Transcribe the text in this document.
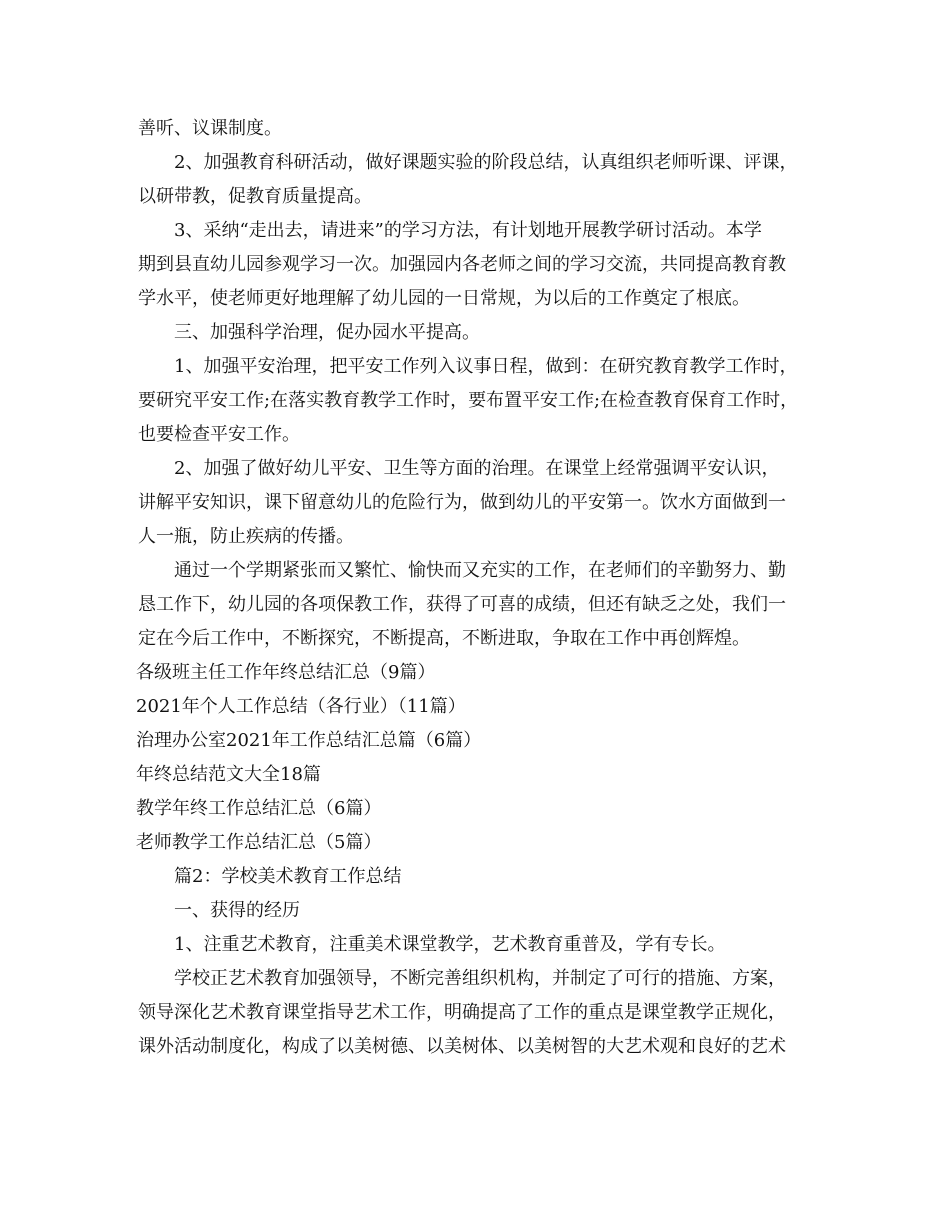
善听、议课制度。
2、加强教育科研活动，做好课题实验的阶段总结，认真组织老师听课、评课，
以研带教，促教育质量提高。
3、采纳“走出去，请进来”的学习方法，有计划地开展教学研讨活动。本学
期到县直幼儿园参观学习一次。加强园内各老师之间的学习交流，共同提高教育教
学水平，使老师更好地理解了幼儿园的一日常规，为以后的工作奠定了根底。
三、加强科学治理，促办园水平提高。
1、加强平安治理，把平安工作列入议事日程，做到：在研究教育教学工作时，
要研究平安工作;在落实教育教学工作时，要布置平安工作;在检查教育保育工作时，
也要检查平安工作。
2、加强了做好幼儿平安、卫生等方面的治理。在课堂上经常强调平安认识，
讲解平安知识，课下留意幼儿的危险行为，做到幼儿的平安第一。饮水方面做到一
人一瓶，防止疾病的传播。
通过一个学期紧张而又繁忙、愉快而又充实的工作，在老师们的辛勤努力、勤
恳工作下，幼儿园的各项保教工作，获得了可喜的成绩，但还有缺乏之处，我们一
定在今后工作中，不断探究，不断提高，不断进取，争取在工作中再创辉煌。
各级班主任工作年终总结汇总（9篇）
2021年个人工作总结（各行业）（11篇）
治理办公室2021年工作总结汇总篇（6篇）
年终总结范文大全18篇
教学年终工作总结汇总（6篇）
老师教学工作总结汇总（5篇）
篇2：学校美术教育工作总结
一、获得的经历
1、注重艺术教育，注重美术课堂教学，艺术教育重普及，学有专长。
学校正艺术教育加强领导，不断完善组织机构，并制定了可行的措施、方案，
领导深化艺术教育课堂指导艺术工作，明确提高了工作的重点是课堂教学正规化，
课外活动制度化，构成了以美树德、以美树体、以美树智的大艺术观和良好的艺术
